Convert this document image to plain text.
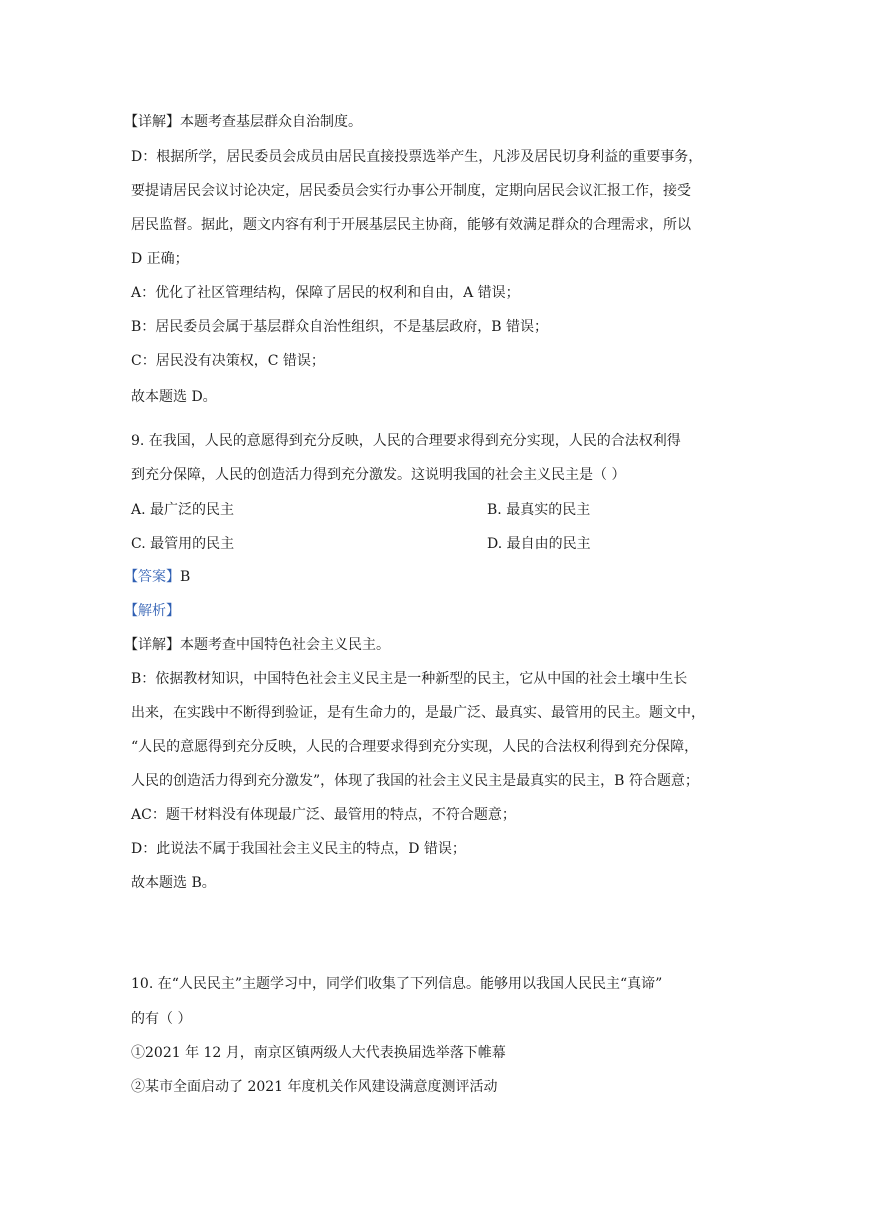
【详解】本题考查基层群众自治制度。
D：根据所学，居民委员会成员由居民直接投票选举产生，凡涉及居民切身利益的重要事务，
要提请居民会议讨论决定，居民委员会实行办事公开制度，定期向居民会议汇报工作，接受
居民监督。据此，题文内容有利于开展基层民主协商，能够有效满足群众的合理需求，所以
D 正确；
A：优化了社区管理结构，保障了居民的权利和自由，A 错误；
B：居民委员会属于基层群众自治性组织，不是基层政府，B 错误；
C：居民没有决策权，C 错误；
故本题选 D。
9. 在我国，人民的意愿得到充分反映，人民的合理要求得到充分实现，人民的合法权利得
到充分保障，人民的创造活力得到充分激发。这说明我国的社会主义民主是（ ）
A. 最广泛的民主	B. 最真实的民主
C. 最管用的民主	D. 最自由的民主
【答案】B
【解析】
【详解】本题考查中国特色社会主义民主。
B：依据教材知识，中国特色社会主义民主是一种新型的民主，它从中国的社会土壤中生长
出来，在实践中不断得到验证，是有生命力的，是最广泛、最真实、最管用的民主。题文中，
“人民的意愿得到充分反映，人民的合理要求得到充分实现，人民的合法权利得到充分保障，
人民的创造活力得到充分激发”，体现了我国的社会主义民主是最真实的民主，B 符合题意；
AC：题干材料没有体现最广泛、最管用的特点，不符合题意；
D：此说法不属于我国社会主义民主的特点，D 错误；
故本题选 B。
10. 在“人民民主”主题学习中，同学们收集了下列信息。能够用以我国人民民主“真谛”
的有（ ）
①2021 年 12 月，南京区镇两级人大代表换届选举落下帷幕
②某市全面启动了 2021 年度机关作风建设满意度测评活动
